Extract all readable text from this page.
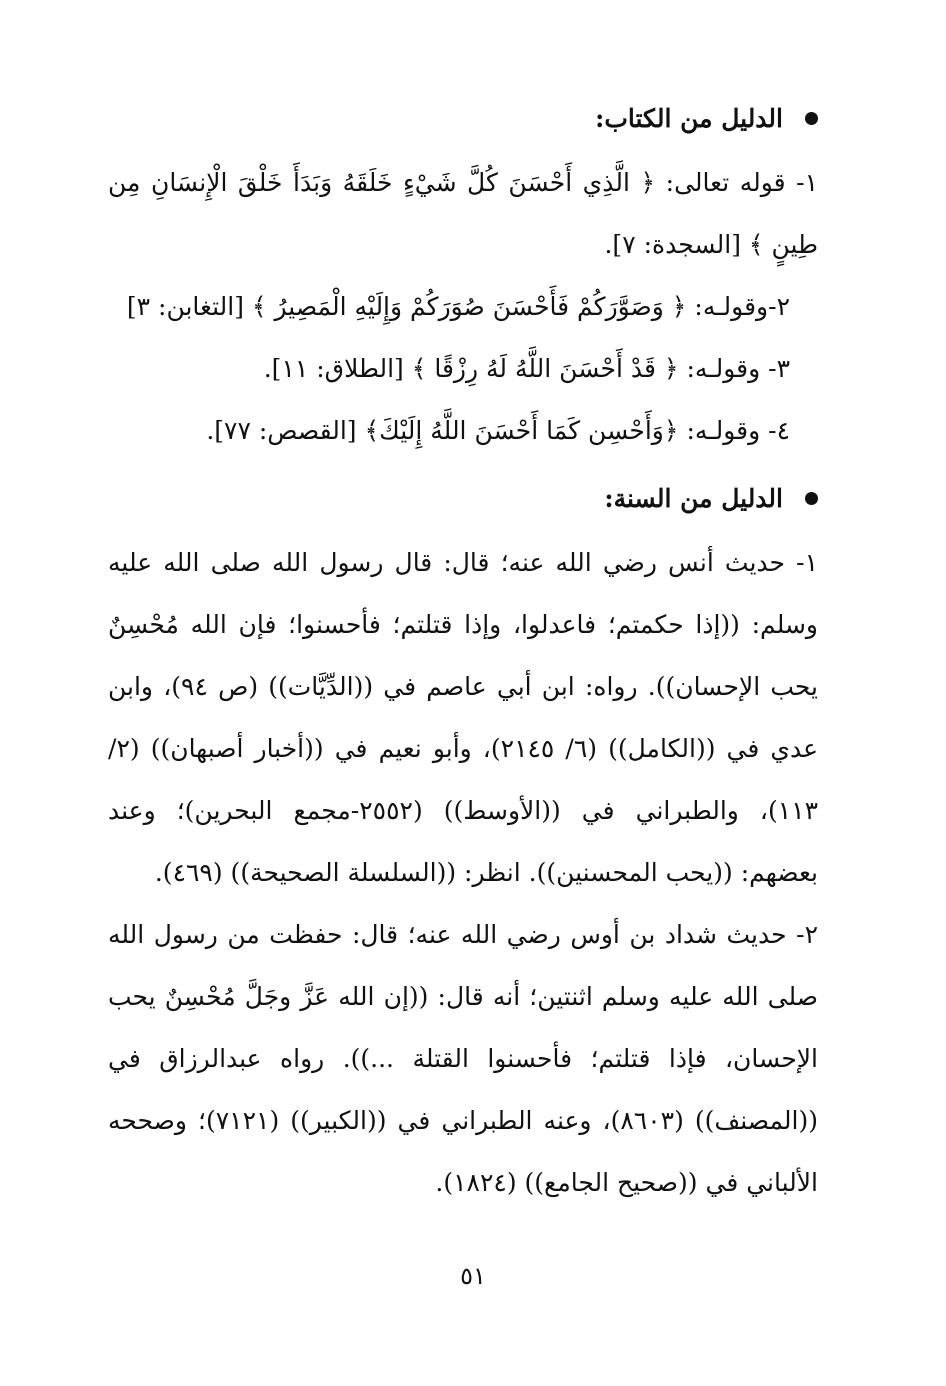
الدليل من الكتاب:

١- قوله تعالى: ﴿ الَّذِي أَحْسَنَ كُلَّ شَيْءٍ خَلَقَهُ وَبَدَأَ خَلْقَ الْإِنسَانِ مِن طِينٍ ﴾ [السجدة: ٧].

٢-وقولـه: ﴿ وَصَوَّرَكُمْ فَأَحْسَنَ صُوَرَكُمْ وَإِلَيْهِ الْمَصِيرُ ﴾ [التغابن: ٣]

٣- وقولـه: ﴿ قَدْ أَحْسَنَ اللَّهُ لَهُ رِزْقًا ﴾ [الطلاق: ١١].

٤- وقولـه: ﴿وَأَحْسِن كَمَا أَحْسَنَ اللَّهُ إِلَيْكَ﴾ [القصص: ٧٧].

الدليل من السنة:

١- حديث أنس رضي الله عنه؛ قال: قال رسول الله صلى الله عليه وسلم: ((إذا حكمتم؛ فاعدلوا، وإذا قتلتم؛ فأحسنوا؛ فإن الله مُحْسِنٌ يحب الإحسان)). رواه: ابن أبي عاصم في ((الدِّيَّات)) (ص ٩٤)، وابن عدي في ((الكامل)) (٦/ ٢١٤٥)، وأبو نعيم في ((أخبار أصبهان)) (٢/ ١١٣)، والطبراني في ((الأوسط)) (٢٥٥٢-مجمع البحرين)؛ وعند بعضهم: ((يحب المحسنين)). انظر: ((السلسلة الصحيحة)) (٤٦٩).

٢- حديث شداد بن أوس رضي الله عنه؛ قال: حفظت من رسول الله صلى الله عليه وسلم اثنتين؛ أنه قال: ((إن الله عَزَّ وجَلَّ مُحْسِنٌ يحب الإحسان، فإذا قتلتم؛ فأحسنوا القتلة ...)). رواه عبدالرزاق في ((المصنف)) (٨٦٠٣)، وعنه الطبراني في ((الكبير)) (٧١٢١)؛ وصححه الألباني في ((صحيح الجامع)) (١٨٢٤).

٥١
